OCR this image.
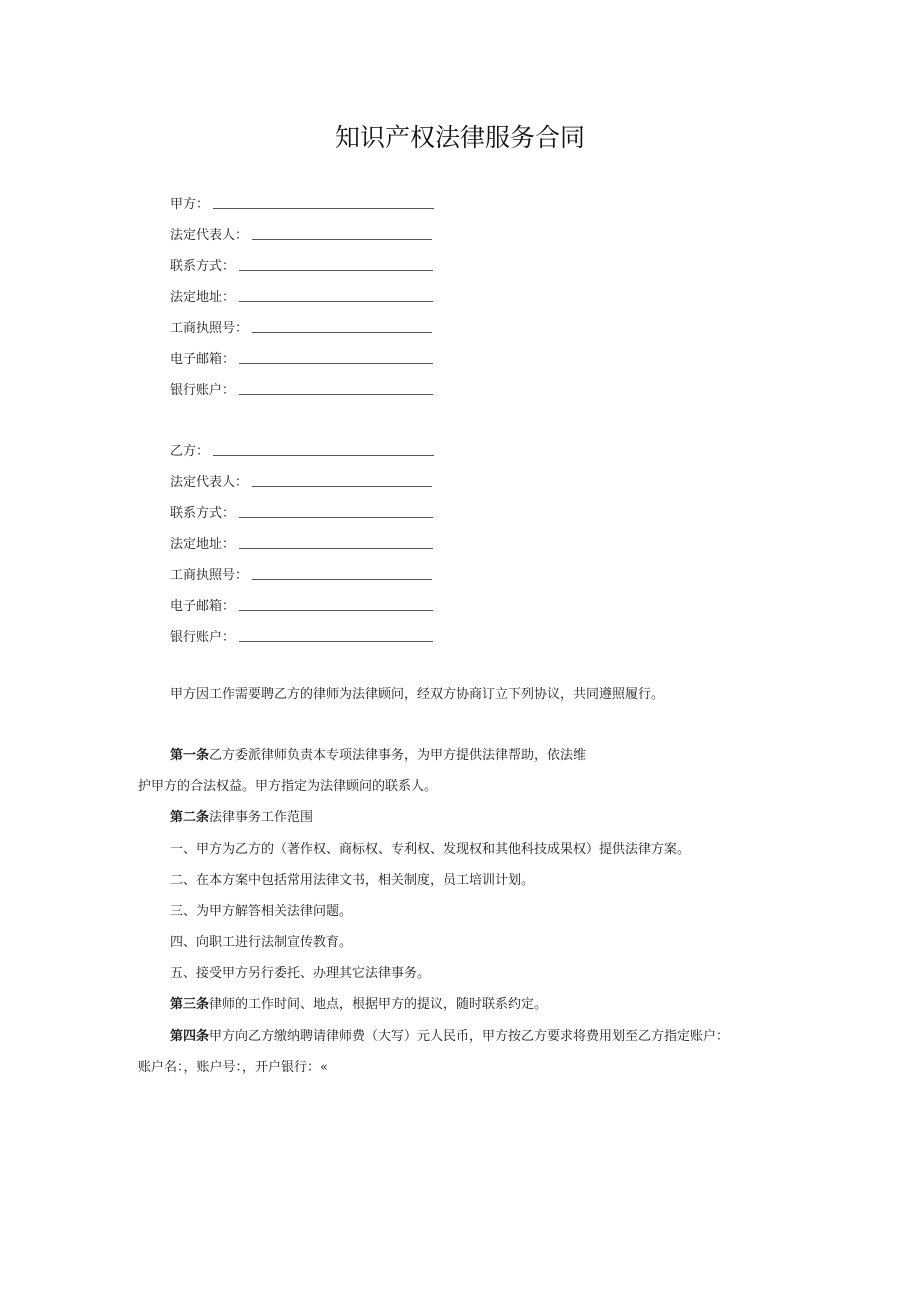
知识产权法律服务合同
甲方：
法定代表人：
联系方式：
法定地址：
工商执照号：
电子邮箱：
银行账户：
乙方：
法定代表人：
联系方式：
法定地址：
工商执照号：
电子邮箱：
银行账户：
甲方因工作需要聘乙方的律师为法律顾问，经双方协商订立下列协议，共同遵照履行。
第一条乙方委派律师负责本专项法律事务，为甲方提供法律帮助，依法维
护甲方的合法权益。甲方指定为法律顾问的联系人。
第二条法律事务工作范围
一、甲方为乙方的（著作权、商标权、专利权、发现权和其他科技成果权）提供法律方案。
二、在本方案中包括常用法律文书，相关制度，员工培训计划。
三、为甲方解答相关法律问题。
四、向职工进行法制宣传教育。
五、接受甲方另行委托、办理其它法律事务。
第三条律师的工作时间、地点，根据甲方的提议，随时联系约定。
第四条甲方向乙方缴纳聘请律师费（大写）元人民币，甲方按乙方要求将费用划至乙方指定账户：
账户名：，账户号：，开户银行：«
